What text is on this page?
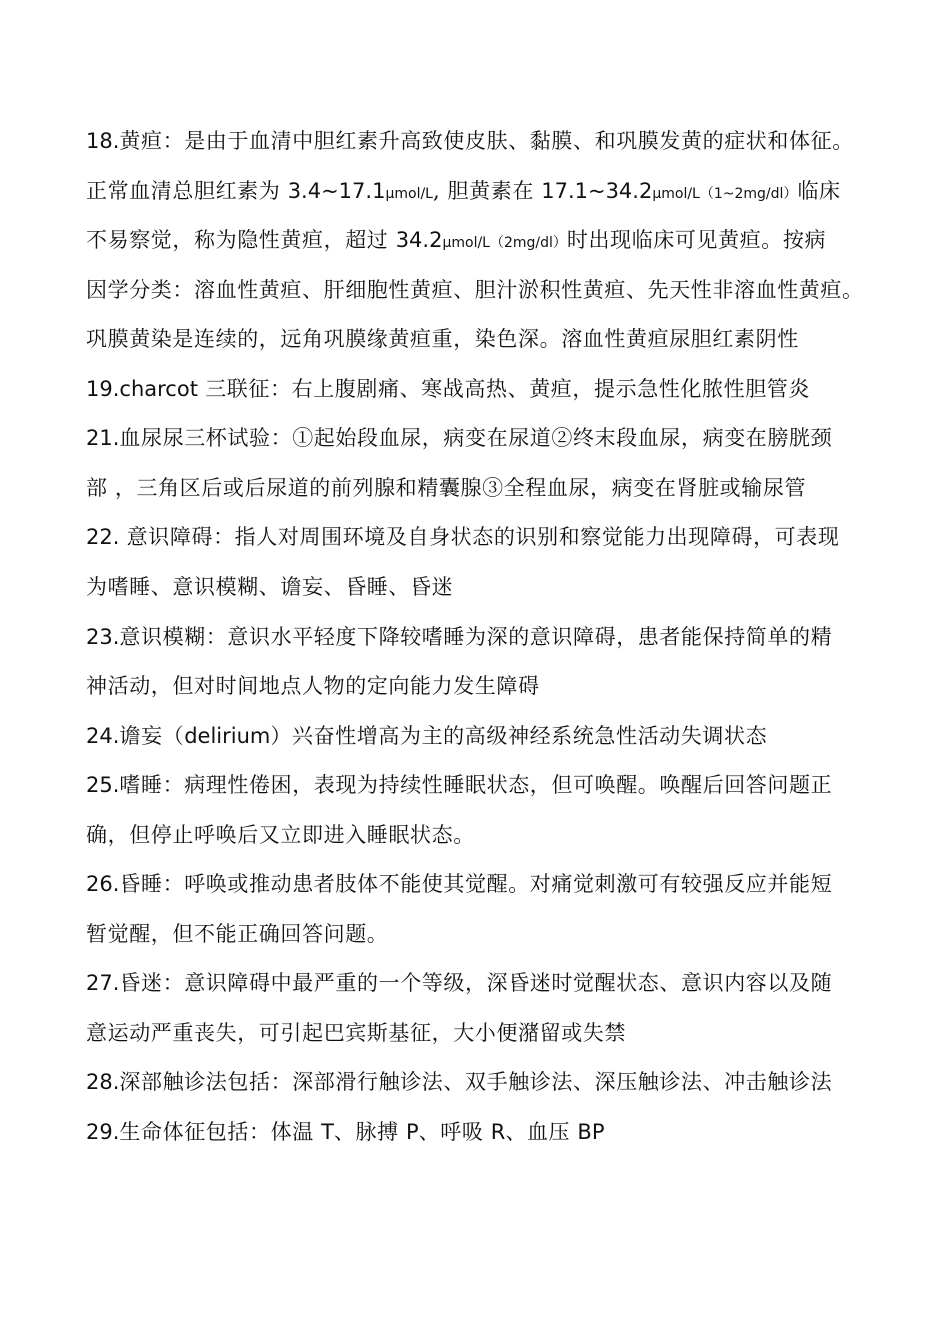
18.黄疸：是由于血清中胆红素升高致使皮肤、黏膜、和巩膜发黄的症状和体征。
正常血清总胆红素为 3.4~17.1μmol/L, 胆黄素在 17.1~34.2μmol/L（1~2mg/dl）临床
不易察觉，称为隐性黄疸，超过 34.2μmol/L（2mg/dl）时出现临床可见黄疸。按病
因学分类：溶血性黄疸、肝细胞性黄疸、胆汁淤积性黄疸、先天性非溶血性黄疸。
巩膜黄染是连续的，远角巩膜缘黄疸重，染色深。溶血性黄疸尿胆红素阴性
19.charcot 三联征：右上腹剧痛、寒战高热、黄疸，提示急性化脓性胆管炎
21.血尿尿三杯试验：①起始段血尿，病变在尿道②终末段血尿，病变在膀胱颈
部 ，三角区后或后尿道的前列腺和精囊腺③全程血尿，病变在肾脏或输尿管
22. 意识障碍：指人对周围环境及自身状态的识别和察觉能力出现障碍，可表现
为嗜睡、意识模糊、谵妄、昏睡、昏迷
23.意识模糊：意识水平轻度下降较嗜睡为深的意识障碍，患者能保持简单的精
神活动，但对时间地点人物的定向能力发生障碍
24.谵妄（delirium）兴奋性增高为主的高级神经系统急性活动失调状态
25.嗜睡：病理性倦困，表现为持续性睡眠状态，但可唤醒。唤醒后回答问题正
确，但停止呼唤后又立即进入睡眠状态。
26.昏睡：呼唤或推动患者肢体不能使其觉醒。对痛觉刺激可有较强反应并能短
暂觉醒，但不能正确回答问题。
27.昏迷：意识障碍中最严重的一个等级，深昏迷时觉醒状态、意识内容以及随
意运动严重丧失，可引起巴宾斯基征，大小便潴留或失禁
28.深部触诊法包括：深部滑行触诊法、双手触诊法、深压触诊法、冲击触诊法
29.生命体征包括：体温 T、脉搏 P、呼吸 R、血压 BP
